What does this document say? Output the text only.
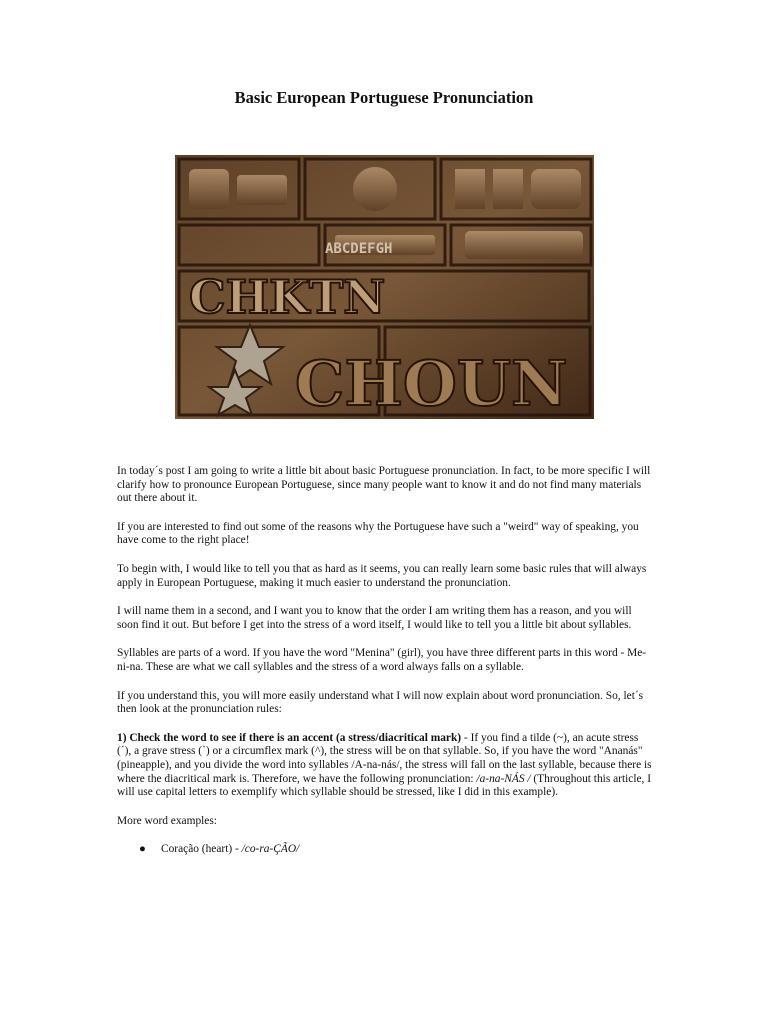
Basic European Portuguese Pronunciation
ABCDEFGH
CHKTN
CHOUN

In today´s post I am going to write a little bit about basic Portuguese pronunciation. In fact, to be more specific I will clarify how to pronounce European Portuguese, since many people want to know it and do not find many materials out there about it.

If you are interested to find out some of the reasons why the Portuguese have such a "weird" way of speaking, you have come to the right place!

To begin with, I would like to tell you that as hard as it seems, you can really learn some basic rules that will always apply in European Portuguese, making it much easier to understand the pronunciation.

I will name them in a second, and I want you to know that the order I am writing them has a reason, and you will soon find it out. But before I get into the stress of a word itself, I would like to tell you a little bit about syllables.

Syllables are parts of a word. If you have the word "Menina" (girl), you have three different parts in this word - Me-ni-na. These are what we call syllables and the stress of a word always falls on a syllable.

If you understand this, you will more easily understand what I will now explain about word pronunciation. So, let´s then look at the pronunciation rules:

1) Check the word to see if there is an accent (a stress/diacritical mark) - If you find a tilde (~), an acute stress (´), a grave stress (`) or a circumflex mark (^), the stress will be on that syllable. So, if you have the word "Ananás" (pineapple), and you divide the word into syllables /A-na-nás/, the stress will fall on the last syllable, because there is where the diacritical mark is. Therefore, we have the following pronunciation: /a-na-NÁS / (Throughout this article, I will use capital letters to exemplify which syllable should be stressed, like I did in this example).

More word examples:

● Coração (heart) - /co-ra-ÇÃO/
